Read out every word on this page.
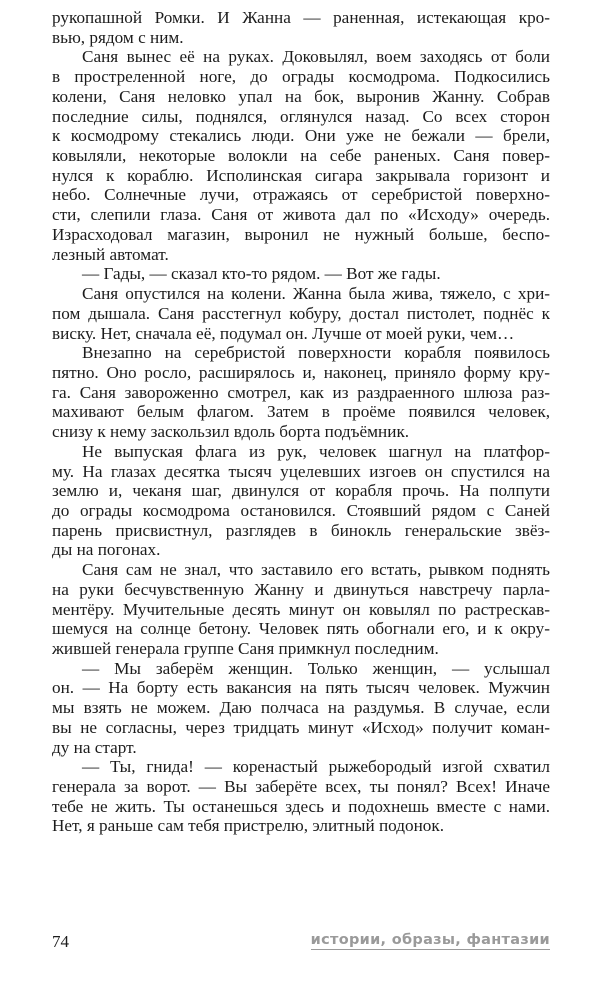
рукопашной Ромки. И Жанна — раненная, истекающая кро-
вью, рядом с ним.
Саня вынес её на руках. Доковылял, воем заходясь от боли
в простреленной ноге, до ограды космодрома. Подкосились
колени, Саня неловко упал на бок, выронив Жанну. Собрав
последние силы, поднялся, оглянулся назад. Со всех сторон
к космодрому стекались люди. Они уже не бежали — брели,
ковыляли, некоторые волокли на себе раненых. Саня повер-
нулся к кораблю. Исполинская сигара закрывала горизонт и
небо. Солнечные лучи, отражаясь от серебристой поверхно-
сти, слепили глаза. Саня от живота дал по «Исходу» очередь.
Израсходовал магазин, выронил не нужный больше, беспо-
лезный автомат.
— Гады, — сказал кто-то рядом. — Вот же гады.
Саня опустился на колени. Жанна была жива, тяжело, с хри-
пом дышала. Саня расстегнул кобуру, достал пистолет, поднёс к
виску. Нет, сначала её, подумал он. Лучше от моей руки, чем…
Внезапно на серебристой поверхности корабля появилось
пятно. Оно росло, расширялось и, наконец, приняло форму кру-
га. Саня завороженно смотрел, как из раздраенного шлюза раз-
махивают белым флагом. Затем в проёме появился человек,
снизу к нему заскользил вдоль борта подъёмник.
Не выпуская флага из рук, человек шагнул на платфор-
му. На глазах десятка тысяч уцелевших изгоев он спустился на
землю и, чеканя шаг, двинулся от корабля прочь. На полпути
до ограды космодрома остановился. Стоявший рядом с Саней
парень присвистнул, разглядев в бинокль генеральские звёз-
ды на погонах.
Саня сам не знал, что заставило его встать, рывком поднять
на руки бесчувственную Жанну и двинуться навстречу парла-
ментёру. Мучительные десять минут он ковылял по растрескав-
шемуся на солнце бетону. Человек пять обогнали его, и к окру-
жившей генерала группе Саня примкнул последним.
— Мы заберём женщин. Только женщин, — услышал
он. — На борту есть вакансия на пять тысяч человек. Мужчин
мы взять не можем. Даю полчаса на раздумья. В случае, если
вы не согласны, через тридцать минут «Исход» получит коман-
ду на старт.
— Ты, гнида! — коренастый рыжебородый изгой схватил
генерала за ворот. — Вы заберёте всех, ты понял? Всех! Иначе
тебе не жить. Ты останешься здесь и подохнешь вместе с нами.
Нет, я раньше сам тебя пристрелю, элитный подонок.
74	истории, образы, фантазии
